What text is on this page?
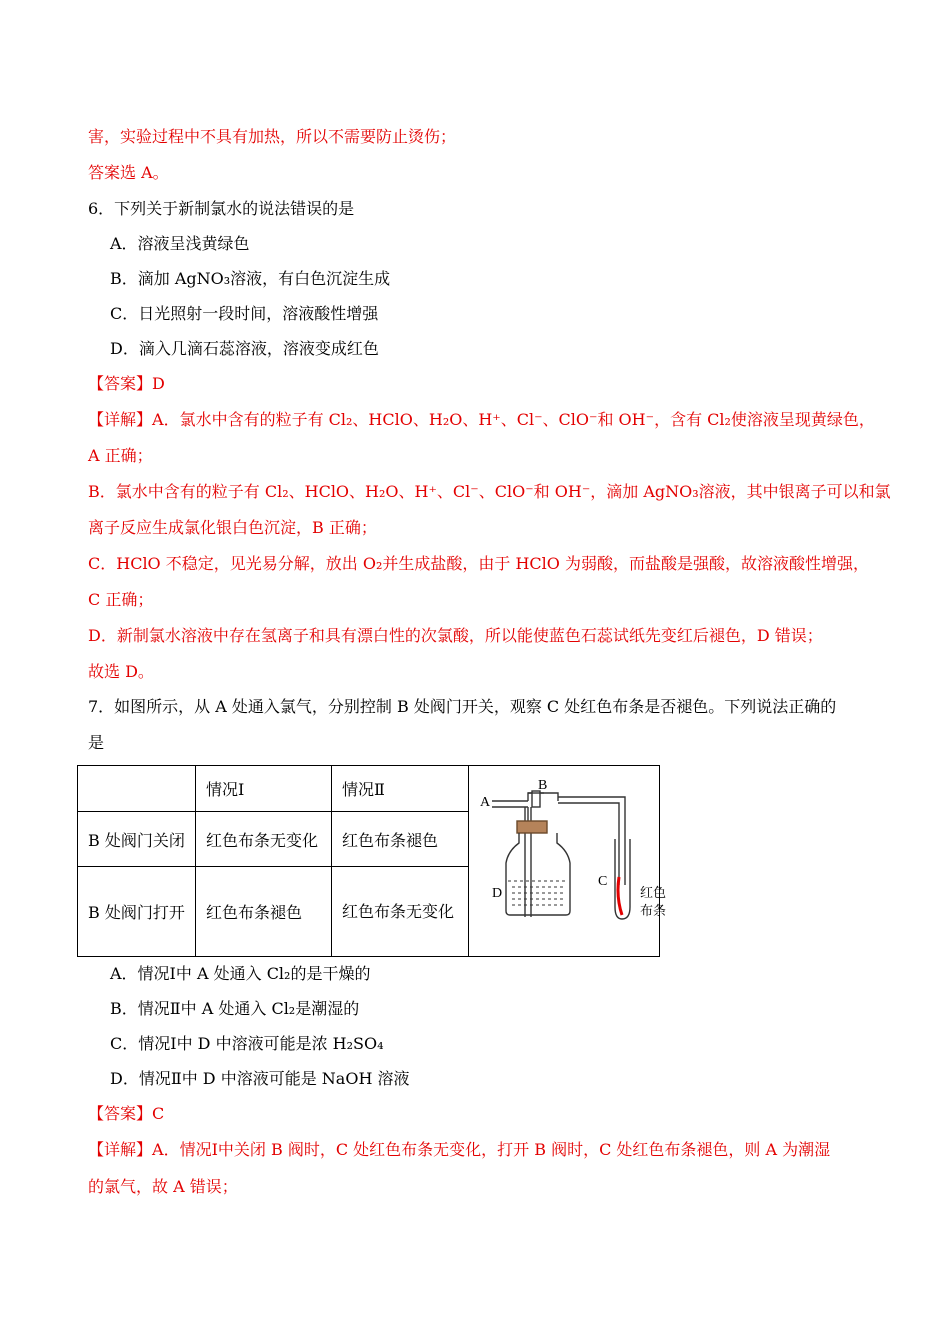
害，实验过程中不具有加热，所以不需要防止烫伤；
答案选 A。
6．下列关于新制氯水的说法错误的是
A．溶液呈浅黄绿色
B．滴加 AgNO₃溶液，有白色沉淀生成
C．日光照射一段时间，溶液酸性增强
D．滴入几滴石蕊溶液，溶液变成红色
【答案】D
【详解】A．氯水中含有的粒子有 Cl₂、HClO、H₂O、H⁺、Cl⁻、ClO⁻和 OH⁻，含有 Cl₂使溶液呈现黄绿色，
A 正确；
B．氯水中含有的粒子有 Cl₂、HClO、H₂O、H⁺、Cl⁻、ClO⁻和 OH⁻，滴加 AgNO₃溶液，其中银离子可以和氯
离子反应生成氯化银白色沉淀，B 正确；
C．HClO 不稳定，见光易分解，放出 O₂并生成盐酸，由于 HClO 为弱酸，而盐酸是强酸，故溶液酸性增强，
C 正确；
D．新制氯水溶液中存在氢离子和具有漂白性的次氯酸，所以能使蓝色石蕊试纸先变红后褪色，D 错误；
故选 D。
7．如图所示，从 A 处通入氯气，分别控制 B 处阀门开关，观察 C 处红色布条是否褪色。下列说法正确的
是
	情况Ⅰ	情况Ⅱ	
B 处阀门关闭	红色布条无变化	红色布条褪色	
B 处阀门打开	红色布条褪色	红色布条无变化	
A
B
C
D	红色
布条
A．情况Ⅰ中 A 处通入 Cl₂的是干燥的
B．情况Ⅱ中 A 处通入 Cl₂是潮湿的
C．情况Ⅰ中 D 中溶液可能是浓 H₂SO₄
D．情况Ⅱ中 D 中溶液可能是 NaOH 溶液
【答案】C
【详解】A．情况Ⅰ中关闭 B 阀时，C 处红色布条无变化，打开 B 阀时，C 处红色布条褪色，则 A 为潮湿
的氯气，故 A 错误；
